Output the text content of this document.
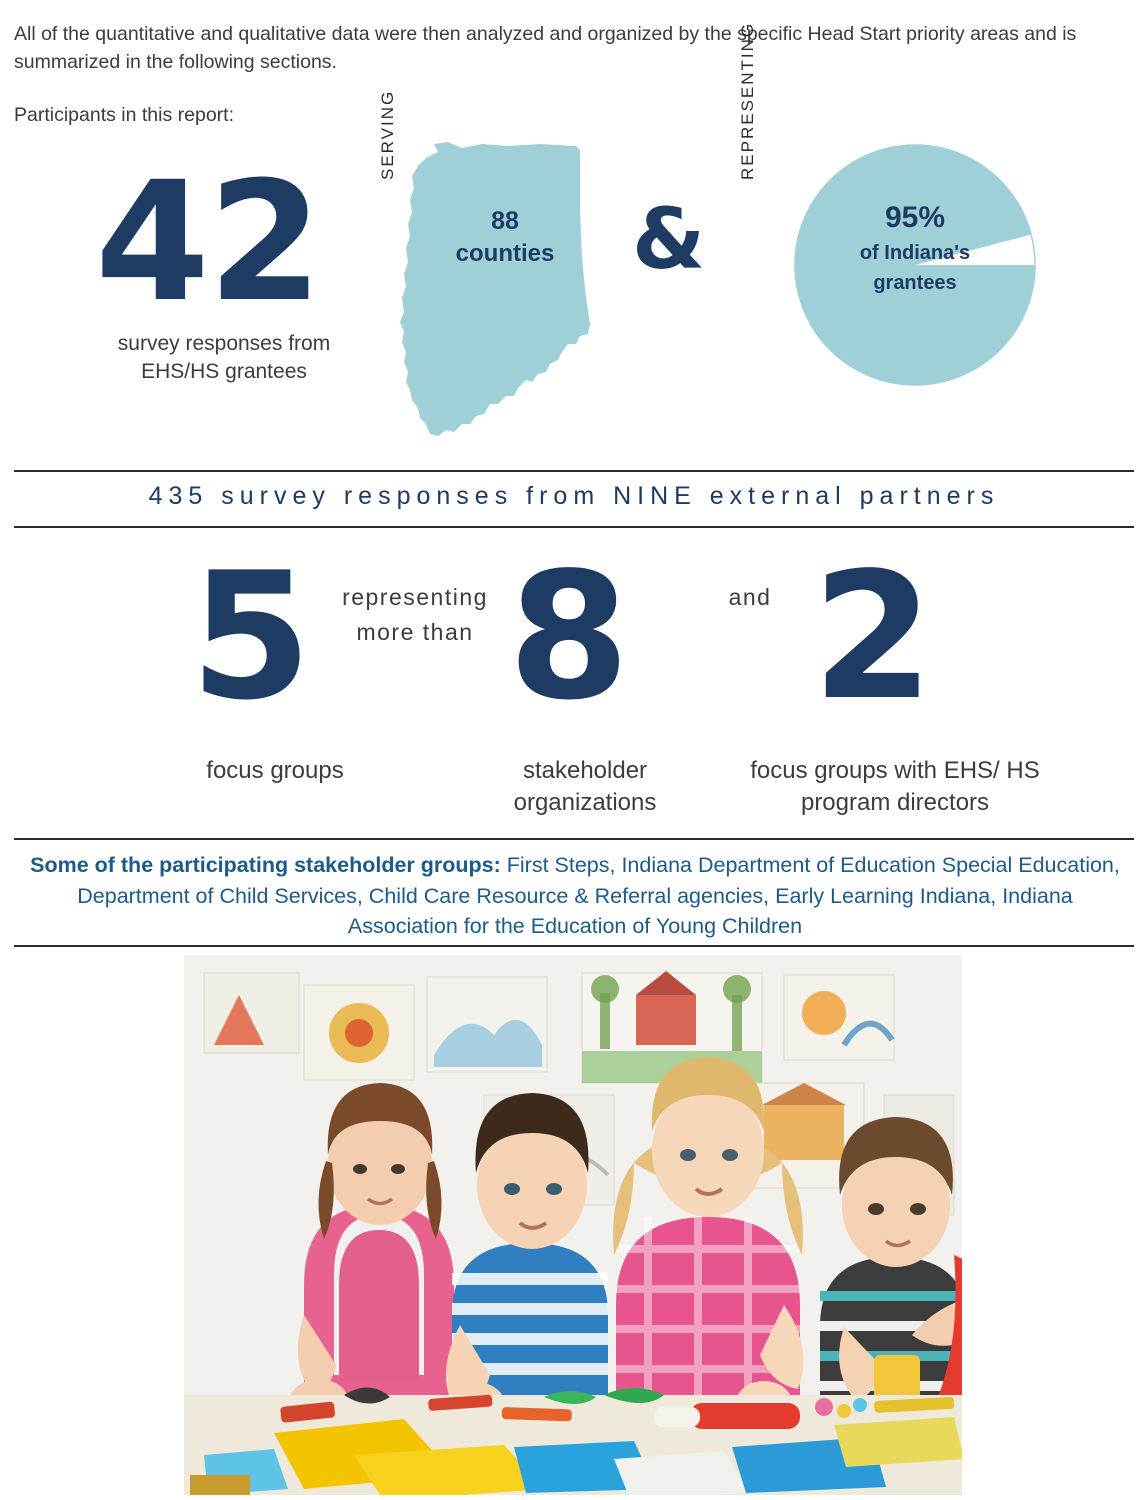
All of the quantitative and qualitative data were then analyzed and organized by the specific Head Start priority areas and is summarized in the following sections.
Participants in this report:
42
survey responses from EHS/HS grantees
SERVING
88
counties &
REPRESENTING
95%
of Indiana's
grantees
435 survey responses from NINE external partners
5	representing more than 8	and 2
focus groups	stakeholder organizations
focus groups with EHS/ HS program directors
Some of the participating stakeholder groups: First Steps, Indiana Department of Education Special Education, Department of Child Services, Child Care Resource & Referral agencies, Early Learning Indiana, Indiana Association for the Education of Young Children
